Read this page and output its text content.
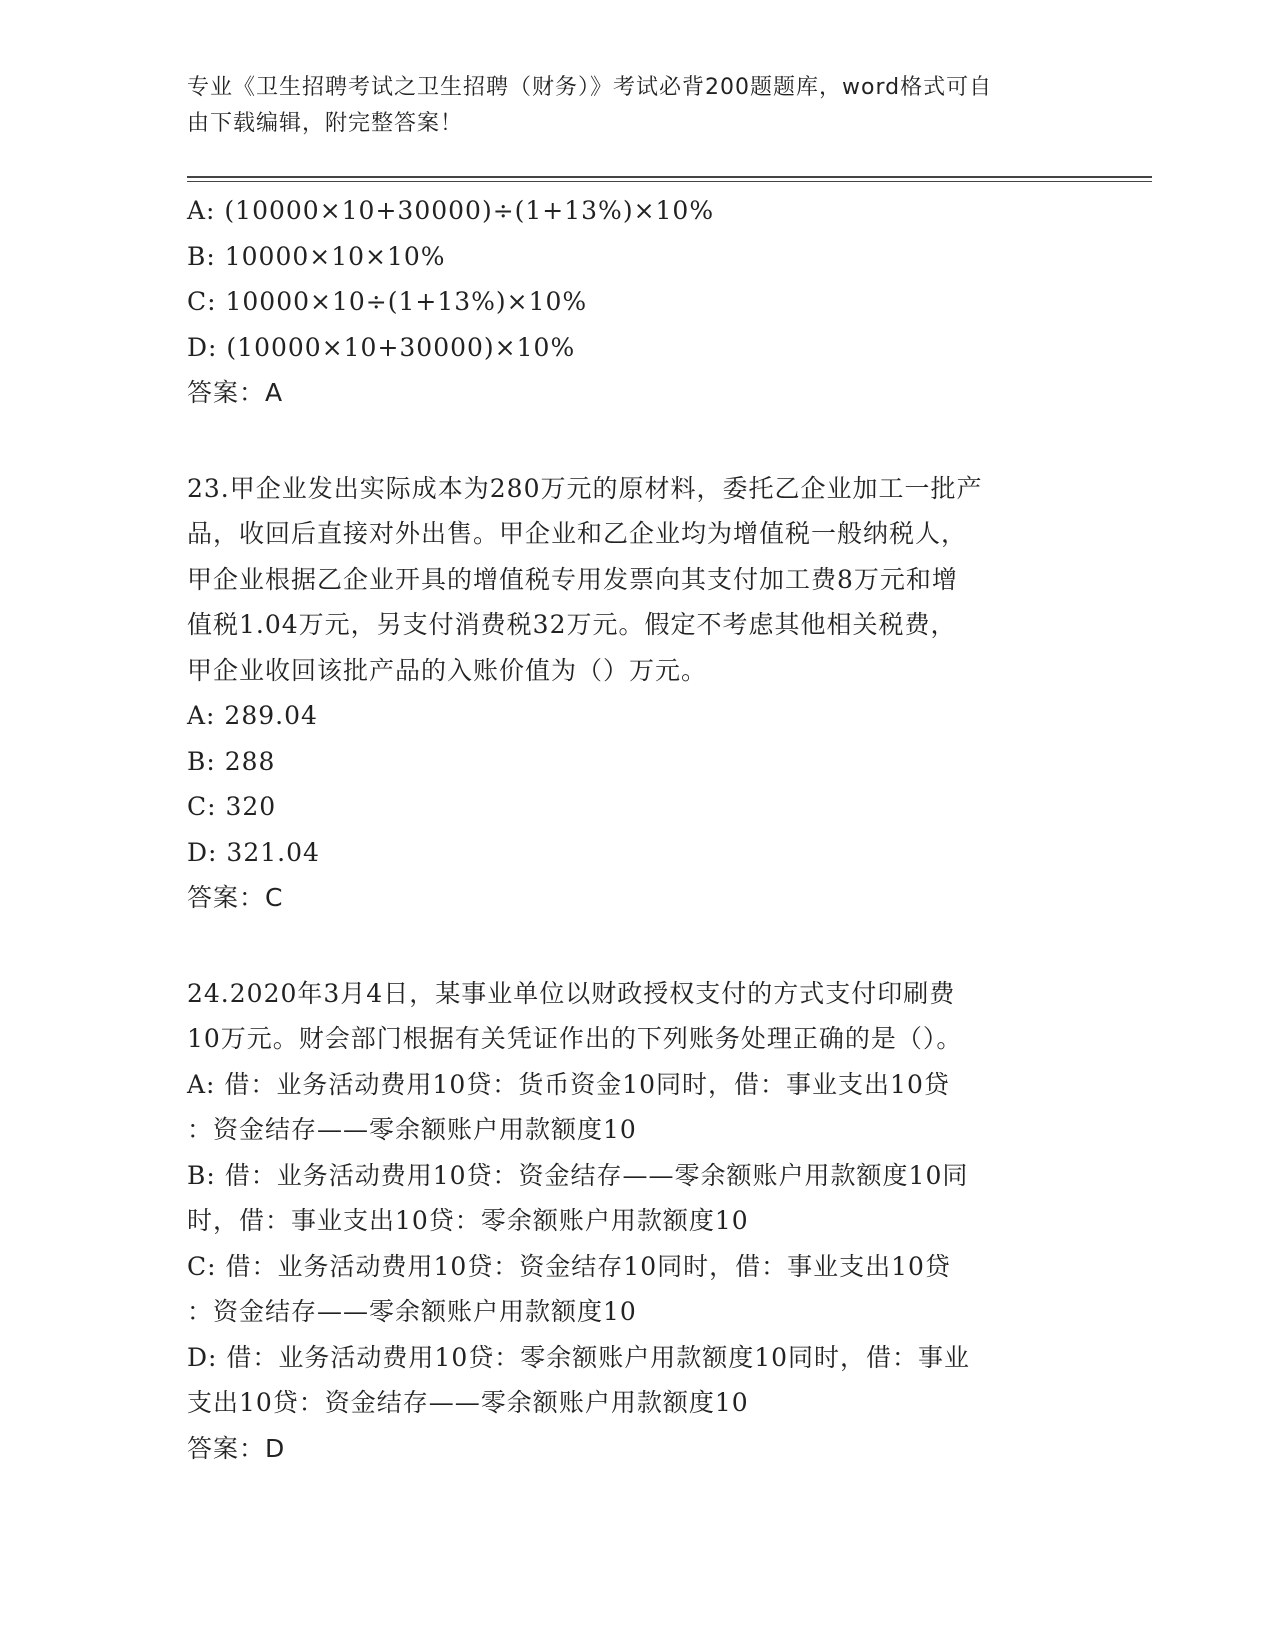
专业《卫生招聘考试之卫生招聘（财务）》考试必背200题题库，word格式可自
由下载编辑，附完整答案！
A: (10000×10+30000)÷(1+13%)×10%
B: 10000×10×10%
C: 10000×10÷(1+13%)×10%
D: (10000×10+30000)×10%
答案：A
23.甲企业发出实际成本为280万元的原材料，委托乙企业加工一批产
品，收回后直接对外出售。甲企业和乙企业均为增值税一般纳税人，
甲企业根据乙企业开具的增值税专用发票向其支付加工费8万元和增
值税1.04万元，另支付消费税32万元。假定不考虑其他相关税费，
甲企业收回该批产品的入账价值为（）万元。
A: 289.04
B: 288
C: 320
D: 321.04
答案：C
24.2020年3月4日，某事业单位以财政授权支付的方式支付印刷费
10万元。财会部门根据有关凭证作出的下列账务处理正确的是（）。
A: 借：业务活动费用10贷：货币资金10同时，借：事业支出10贷
：资金结存——零余额账户用款额度10
B: 借：业务活动费用10贷：资金结存——零余额账户用款额度10同
时，借：事业支出10贷：零余额账户用款额度10
C: 借：业务活动费用10贷：资金结存10同时，借：事业支出10贷
：资金结存——零余额账户用款额度10
D: 借：业务活动费用10贷：零余额账户用款额度10同时，借：事业
支出10贷：资金结存——零余额账户用款额度10
答案：D
